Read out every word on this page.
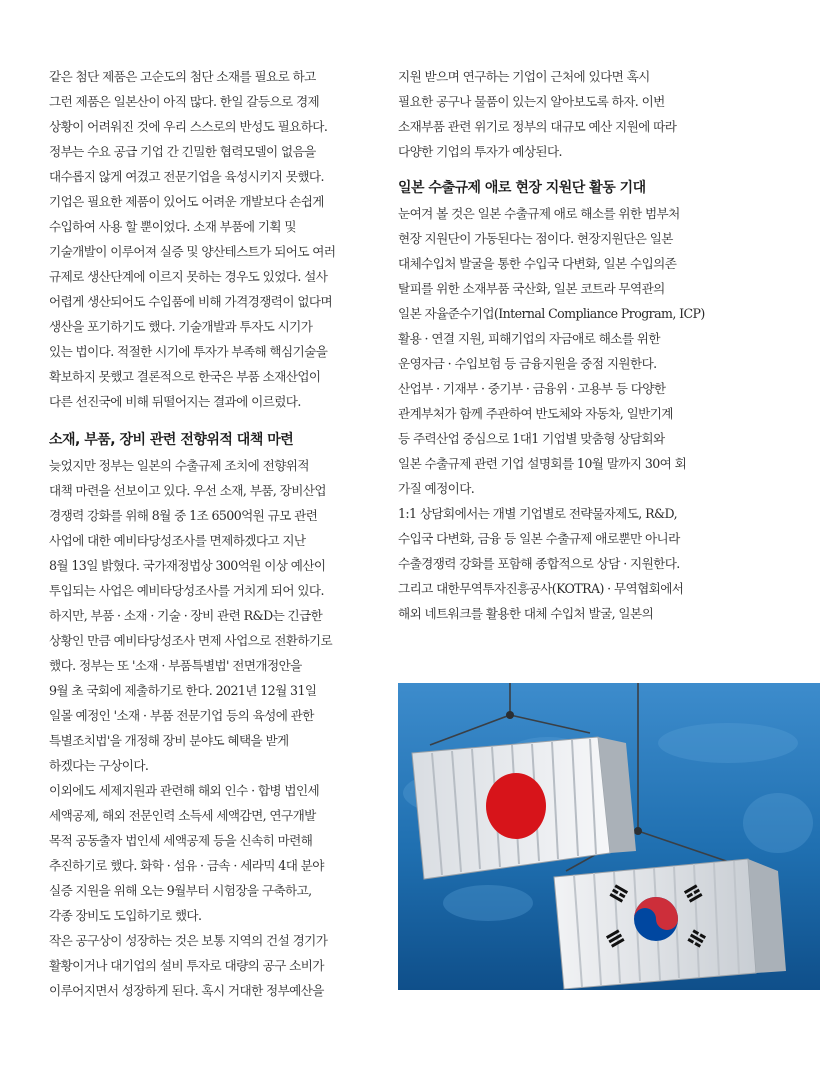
같은 첨단 제품은 고순도의 첨단 소재를 필요로 하고
그런 제품은 일본산이 아직 많다. 한일 갈등으로 경제
상황이 어려워진 것에 우리 스스로의 반성도 필요하다.
정부는 수요 공급 기업 간 긴밀한 협력모델이 없음을
대수롭지 않게 여겼고 전문기업을 육성시키지 못했다.
기업은 필요한 제품이 있어도 어려운 개발보다 손쉽게
수입하여 사용 할 뿐이었다. 소재 부품에 기획 및
기술개발이 이루어져 실증 및 양산테스트가 되어도 여러
규제로 생산단계에 이르지 못하는 경우도 있었다. 설사
어렵게 생산되어도 수입품에 비해 가격경쟁력이 없다며
생산을 포기하기도 했다. 기술개발과 투자도 시기가
있는 법이다. 적절한 시기에 투자가 부족해 핵심기술을
확보하지 못했고 결론적으로 한국은 부품 소재산업이
다른 선진국에 비해 뒤떨어지는 결과에 이르렀다.

소재, 부품, 장비 관련 전향위적 대책 마련

늦었지만 정부는 일본의 수출규제 조치에 전향위적
대책 마련을 선보이고 있다. 우선 소재, 부품, 장비산업
경쟁력 강화를 위해 8월 중 1조 6500억원 규모 관련
사업에 대한 예비타당성조사를 면제하겠다고 지난
8월 13일 밝혔다. 국가재정법상 300억원 이상 예산이
투입되는 사업은 예비타당성조사를 거치게 되어 있다.
하지만, 부품 · 소재 · 기술 · 장비 관련 R&D는 긴급한
상황인 만큼 예비타당성조사 면제 사업으로 전환하기로
했다. 정부는 또 '소재 · 부품특별법' 전면개정안을
9월 초 국회에 제출하기로 한다. 2021년 12월 31일
일몰 예정인 '소재 · 부품 전문기업 등의 육성에 관한
특별조치법'을 개정해 장비 분야도 혜택을 받게
하겠다는 구상이다.

이외에도 세제지원과 관련해 해외 인수 · 합병 법인세
세액공제, 해외 전문인력 소득세 세액감면, 연구개발
목적 공동출자 법인세 세액공제 등을 신속히 마련해
추진하기로 했다. 화학 · 섬유 · 금속 · 세라믹 4대 분야
실증 지원을 위해 오는 9월부터 시험장을 구축하고,
각종 장비도 도입하기로 했다.

작은 공구상이 성장하는 것은 보통 지역의 건설 경기가
활황이거나 대기업의 설비 투자로 대량의 공구 소비가
이루어지면서 성장하게 된다. 혹시 거대한 정부예산을

지원 받으며 연구하는 기업이 근처에 있다면 혹시
필요한 공구나 물품이 있는지 알아보도록 하자. 이번
소재부품 관련 위기로 정부의 대규모 예산 지원에 따라
다양한 기업의 투자가 예상된다.

일본 수출규제 애로 현장 지원단 활동 기대

눈여겨 볼 것은 일본 수출규제 애로 해소를 위한 범부처
현장 지원단이 가동된다는 점이다. 현장지원단은 일본
대체수입처 발굴을 통한 수입국 다변화, 일본 수입의존
탈피를 위한 소재부품 국산화, 일본 코트라 무역관의
일본 자율준수기업(Internal Compliance Program, ICP)
활용 · 연결 지원, 피해기업의 자금애로 해소를 위한
운영자금 · 수입보험 등 금융지원을 중점 지원한다.
산업부 · 기재부 · 중기부 · 금융위 · 고용부 등 다양한
관계부처가 함께 주관하여 반도체와 자동차, 일반기계
등 주력산업 중심으로 1대1 기업별 맞춤형 상담회와
일본 수출규제 관련 기업 설명회를 10월 말까지 30여 회
가질 예정이다.

1:1 상담회에서는 개별 기업별로 전략물자제도, R&D,
수입국 다변화, 금융 등 일본 수출규제 애로뿐만 아니라
수출경쟁력 강화를 포함해 종합적으로 상담 · 지원한다.
그리고 대한무역투자진흥공사(KOTRA) · 무역협회에서
해외 네트워크를 활용한 대체 수입처 발굴, 일본의
